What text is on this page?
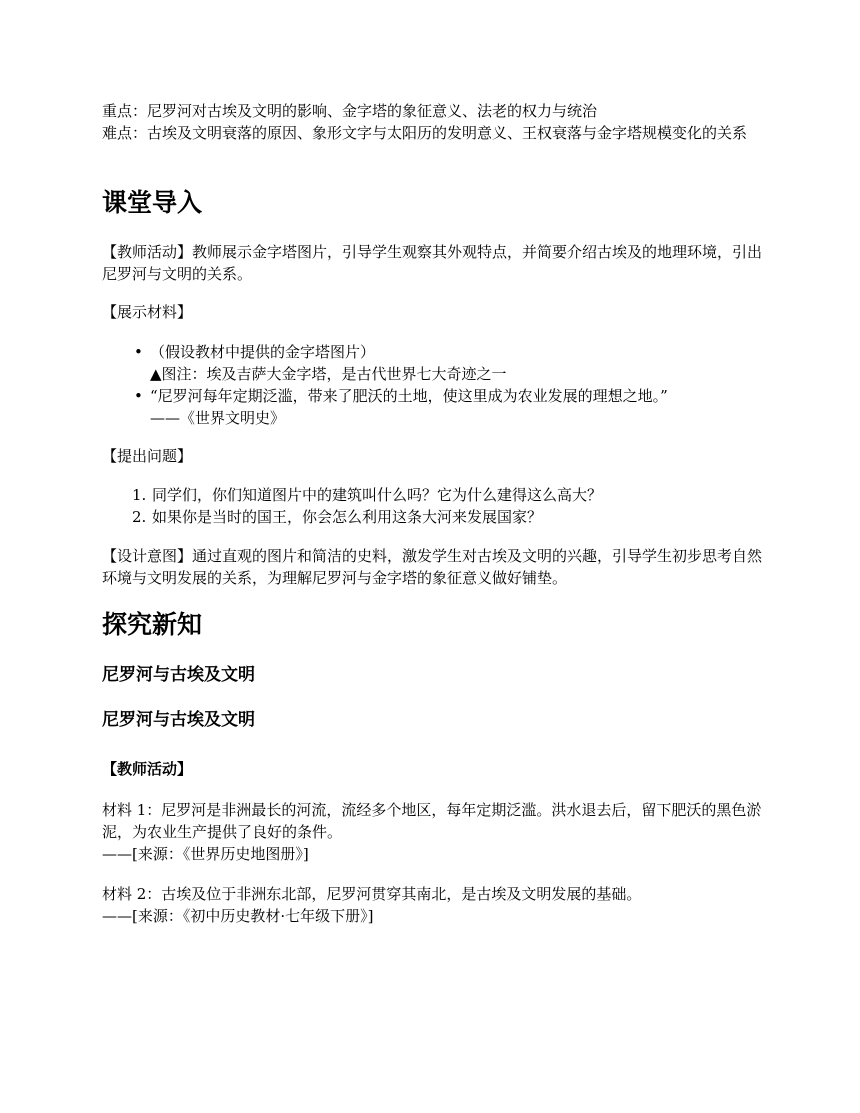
重点：尼罗河对古埃及文明的影响、金字塔的象征意义、法老的权力与统治
难点：古埃及文明衰落的原因、象形文字与太阳历的发明意义、王权衰落与金字塔规模变化的关系
课堂导入
【教师活动】教师展示金字塔图片，引导学生观察其外观特点，并简要介绍古埃及的地理环境，引出尼罗河与文明的关系。
【展示材料】
• （假设教材中提供的金字塔图片）
▲图注：埃及吉萨大金字塔，是古代世界七大奇迹之一
• “尼罗河每年定期泛滥，带来了肥沃的土地，使这里成为农业发展的理想之地。”
——《世界文明史》
【提出问题】
1. 同学们，你们知道图片中的建筑叫什么吗？它为什么建得这么高大？
2. 如果你是当时的国王，你会怎么利用这条大河来发展国家？
【设计意图】通过直观的图片和简洁的史料，激发学生对古埃及文明的兴趣，引导学生初步思考自然环境与文明发展的关系，为理解尼罗河与金字塔的象征意义做好铺垫。
探究新知
尼罗河与古埃及文明
尼罗河与古埃及文明
【教师活动】
材料 1：尼罗河是非洲最长的河流，流经多个地区，每年定期泛滥。洪水退去后，留下肥沃的黑色淤泥，为农业生产提供了良好的条件。
——[来源：《世界历史地图册》]
材料 2：古埃及位于非洲东北部，尼罗河贯穿其南北，是古埃及文明发展的基础。
——[来源：《初中历史教材·七年级下册》]
